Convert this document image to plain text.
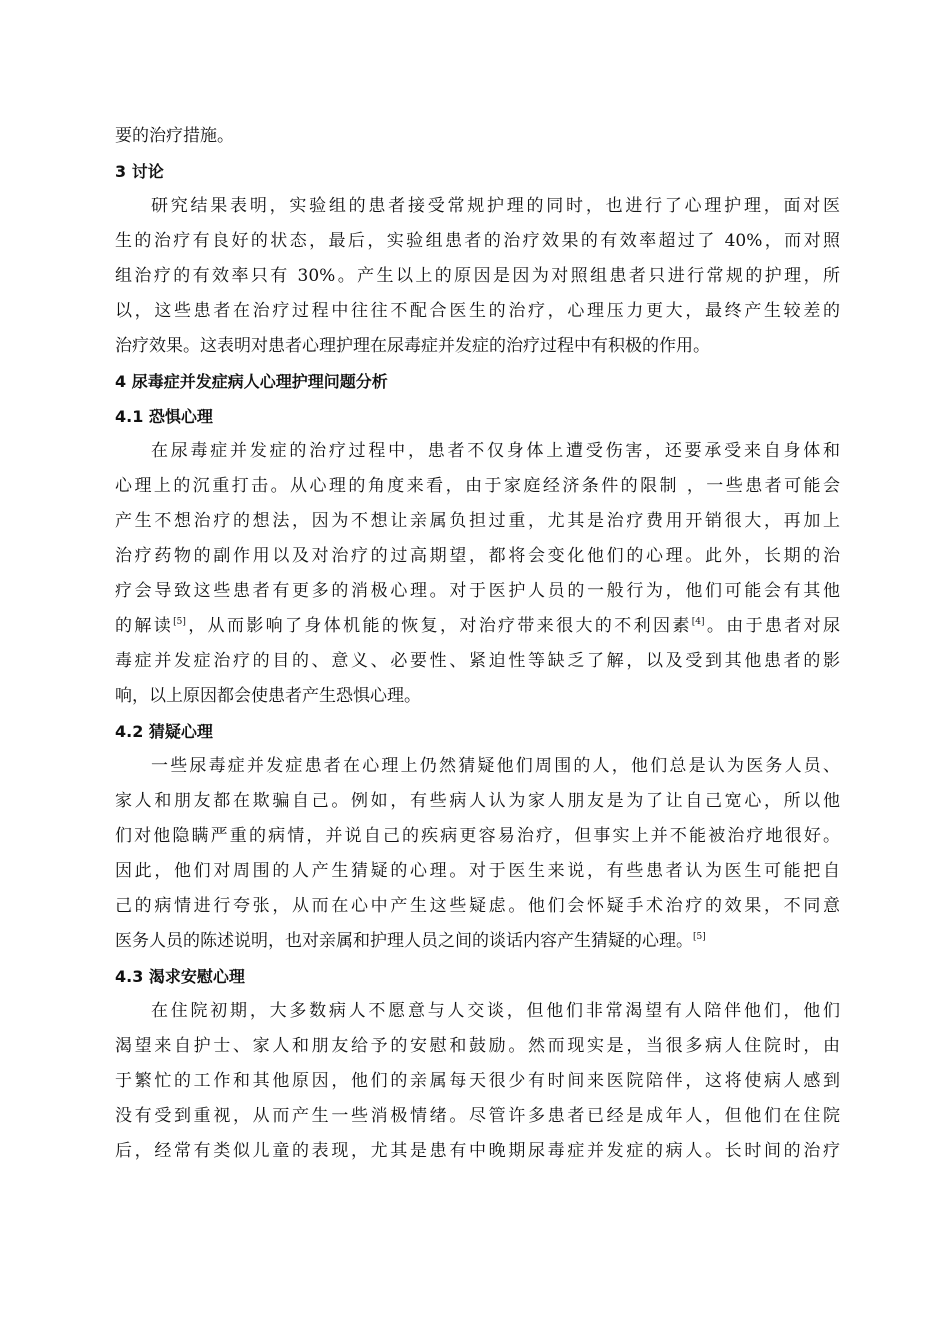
要的治疗措施。
3 讨论
研究结果表明，实验组的患者接受常规护理的同时，也进行了心理护理，面对医
生的治疗有良好的状态，最后，实验组患者的治疗效果的有效率超过了 40%，而对照
组治疗的有效率只有 30%。产生以上的原因是因为对照组患者只进行常规的护理，所
以，这些患者在治疗过程中往往不配合医生的治疗，心理压力更大，最终产生较差的
治疗效果。这表明对患者心理护理在尿毒症并发症的治疗过程中有积极的作用。
4 尿毒症并发症病人心理护理问题分析
4.1 恐惧心理
在尿毒症并发症的治疗过程中，患者不仅身体上遭受伤害，还要承受来自身体和
心理上的沉重打击。从心理的角度来看，由于家庭经济条件的限制 ，一些患者可能会
产生不想治疗的想法，因为不想让亲属负担过重，尤其是治疗费用开销很大，再加上
治疗药物的副作用以及对治疗的过高期望，都将会变化他们的心理。此外，长期的治
疗会导致这些患者有更多的消极心理。对于医护人员的一般行为，他们可能会有其他
的解读[5]，从而影响了身体机能的恢复，对治疗带来很大的不利因素[4]。由于患者对尿
毒症并发症治疗的目的、意义、必要性、紧迫性等缺乏了解，以及受到其他患者的影
响，以上原因都会使患者产生恐惧心理。
4.2 猜疑心理
一些尿毒症并发症患者在心理上仍然猜疑他们周围的人，他们总是认为医务人员、
家人和朋友都在欺骗自己。例如，有些病人认为家人朋友是为了让自己宽心，所以他
们对他隐瞒严重的病情，并说自己的疾病更容易治疗，但事实上并不能被治疗地很好。
因此，他们对周围的人产生猜疑的心理。对于医生来说，有些患者认为医生可能把自
己的病情进行夸张，从而在心中产生这些疑虑。他们会怀疑手术治疗的效果，不同意
医务人员的陈述说明，也对亲属和护理人员之间的谈话内容产生猜疑的心理。[5]
4.3 渴求安慰心理
在住院初期，大多数病人不愿意与人交谈，但他们非常渴望有人陪伴他们，他们
渴望来自护士、家人和朋友给予的安慰和鼓励。然而现实是，当很多病人住院时，由
于繁忙的工作和其他原因，他们的亲属每天很少有时间来医院陪伴，这将使病人感到
没有受到重视，从而产生一些消极情绪。尽管许多患者已经是成年人，但他们在住院
后，经常有类似儿童的表现，尤其是患有中晚期尿毒症并发症的病人。长时间的治疗
